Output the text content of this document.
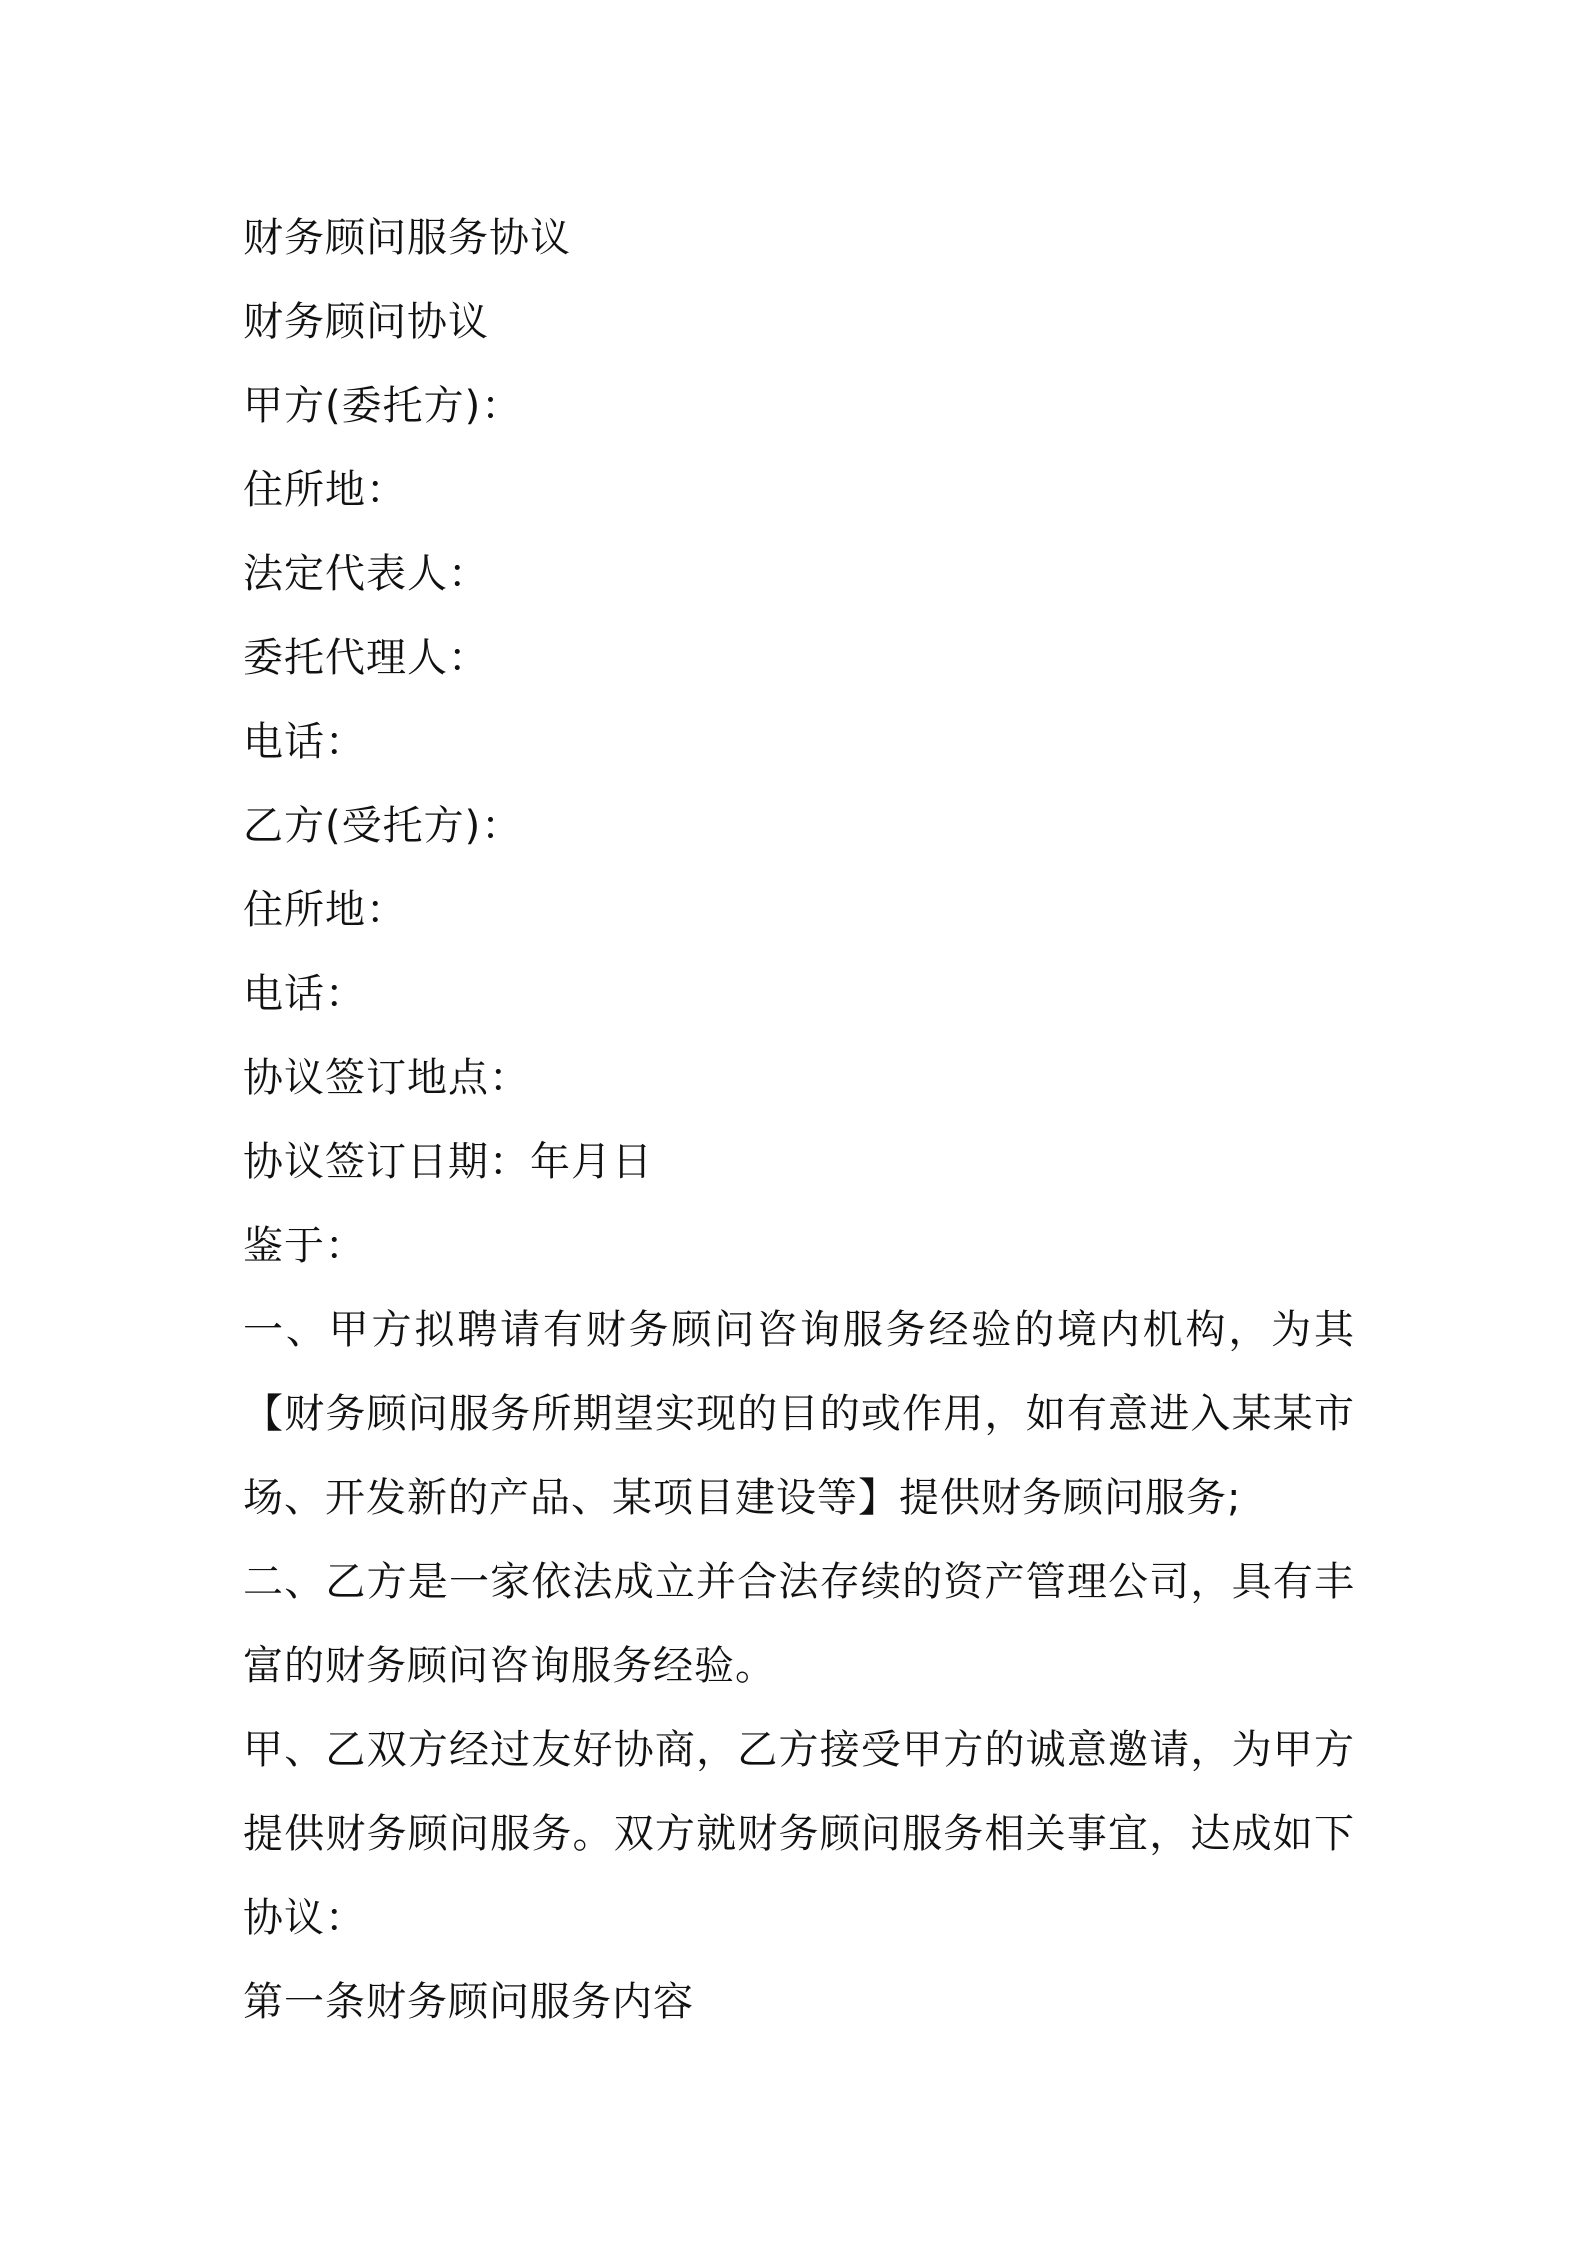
财务顾问服务协议
财务顾问协议
甲方(委托方)：
住所地：
法定代表人：
委托代理人：
电话：
乙方(受托方)：
住所地：
电话：
协议签订地点：
协议签订日期：年月日
鉴于：
一、甲方拟聘请有财务顾问咨询服务经验的境内机构，为其【财务顾问服务所期望实现的目的或作用，如有意进入某某市场、开发新的产品、某项目建设等】提供财务顾问服务;
二、乙方是一家依法成立并合法存续的资产管理公司，具有丰富的财务顾问咨询服务经验。
甲、乙双方经过友好协商，乙方接受甲方的诚意邀请，为甲方提供财务顾问服务。双方就财务顾问服务相关事宜，达成如下协议：
第一条财务顾问服务内容
